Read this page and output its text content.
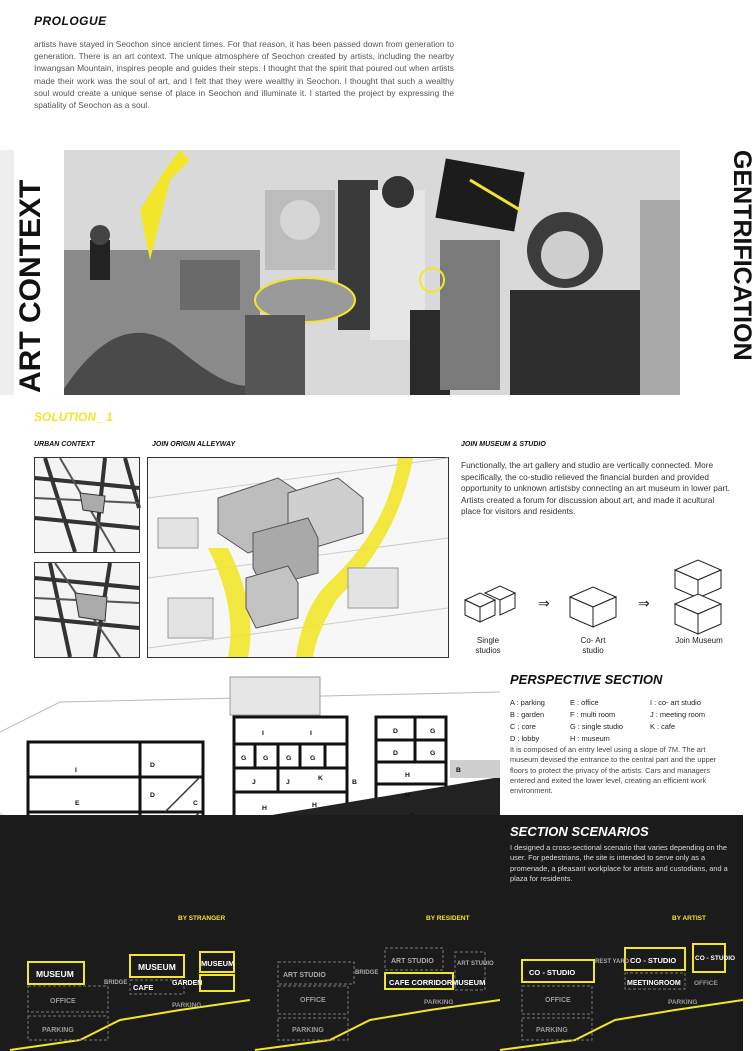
PROLOGUE
artists have stayed in Seochon since ancient times. For that reason, it has been passed down from generation to generation. There is an art context. The unique atmosphere of Seochon created by artists, including the nearby Inwangsan Mountain, inspires people and guides their steps. I thought that the spirit that poured out when artists made their work was the soul of art, and I felt that they were wealthy in Seochon. I thought that such a wealthy soul would create a unique sense of place in Seochon and illuminate it. I started the project by expressing the spatiality of Seochon as a soul.
ART CONTEXT	GENTRIFICATION
SOLUTION_ 1
URBAN CONTEXT	JOIN ORIGIN ALLEYWAY	JOIN MUSEUM & STUDIO
Functionally, the art gallery and studio are vertically connected. More specifically, the co-studio relieved the financial burden and provided opportunity to unknown artistsby connecting an art museum in lower part. Artists created a forum for discussion about art, and made it acultural place for visitors and residents.
⇒	⇒
Single studios
Co- Art studio
Join Museum
I
D
E
D
C
I	I
G G	G	G
J	J
K
H	H
B
D	G
D	G
H
H
B
PERSPECTIVE SECTION
A : parking	E : office	I : co- art studio
B : garden	F : multi room	J : meeting room
C : core	G : single studio	K : cafe
D : lobby	H : museum
It is composed of an entry level using a slope of 7M. The art museum devised the entrance to the central part and the upper floors to protect the privacy of the artists. Cars and managers entered and exited the lower level, creating an efficient work environment.
SECTION SCENARIOS
I designed a cross-sectional scenario that varies depending on the user. For pedestrians, the site is intended to serve only as a promenade, a pleasant workplace for artists and custodians, and a plaza for residents.
BY STRANGER	BY RESIDENT	BY ARTIST
MUSEUM
BRIDGE
MUSEUM	MUSEUM
CAFE	GARDEN
OFFICE
PARKING
PARKING
ART STUDIO	BRIDGE
ART STUDIO	ART STUDIO
CAFE CORRIDOR MUSEUM
OFFICE
PARKING
PARKING
CO - STUDIO
REST YARD CO - STUDIO	CO - STUDIO
MEETINGROOM
OFFICE
OFFICE
PARKING
PARKING
